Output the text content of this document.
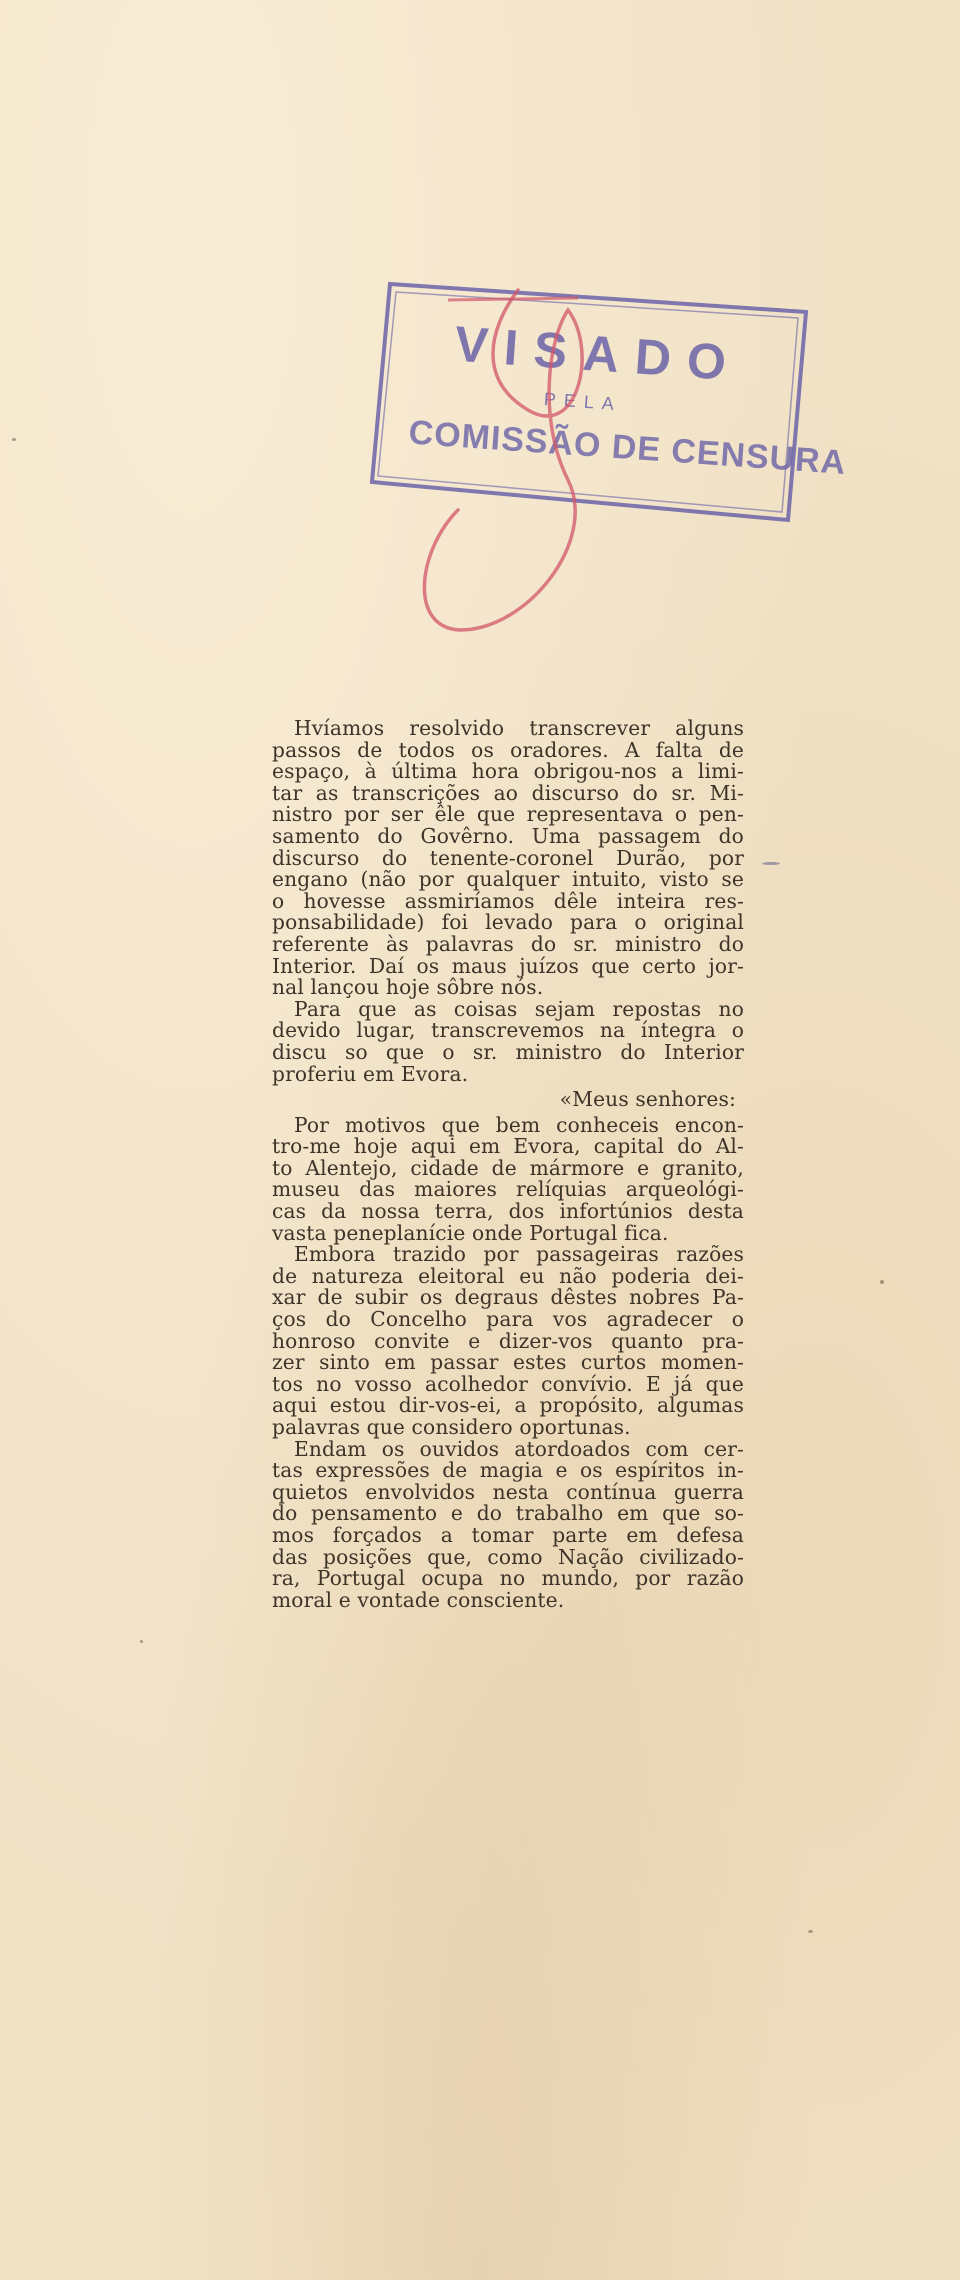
VISADO
PELA
COMISSÃO DE CENSURA
Hvíamos resolvido transcrever alguns
passos de todos os oradores. A falta de
espaço, à última hora obrigou-nos a limi-
tar as transcrições ao discurso do sr. Mi-
nistro por ser êle que representava o pen-
samento do Govêrno. Uma passagem do
discurso do tenente-coronel Durão, por
engano (não por qualquer intuito, visto se
o hovesse assmiríamos dêle inteira res-
ponsabilidade) foi levado para o original
referente às palavras do sr. ministro do
Interior. Daí os maus juízos que certo jor-
nal lançou hoje sôbre nós.
Para que as coisas sejam repostas no
devido lugar, transcrevemos na íntegra o
discu so que o sr. ministro do Interior
proferiu em Evora.
«Meus senhores:
Por motivos que bem conheceis encon-
tro-me hoje aqui em Evora, capital do Al-
to Alentejo, cidade de mármore e granito,
museu das maiores relíquias arqueológi-
cas da nossa terra, dos infortúnios desta
vasta peneplanície onde Portugal fica.
Embora trazido por passageiras razões
de natureza eleitoral eu não poderia dei-
xar de subir os degraus dêstes nobres Pa-
ços do Concelho para vos agradecer o
honroso convite e dizer-vos quanto pra-
zer sinto em passar estes curtos momen-
tos no vosso acolhedor convívio. E já que
aqui estou dir-vos-ei, a propósito, algumas
palavras que considero oportunas.
Endam os ouvidos atordoados com cer-
tas expressões de magia e os espíritos in-
quietos envolvidos nesta contínua guerra
do pensamento e do trabalho em que so-
mos forçados a tomar parte em defesa
das posições que, como Nação civilizado-
ra, Portugal ocupa no mundo, por razão
moral e vontade consciente.
